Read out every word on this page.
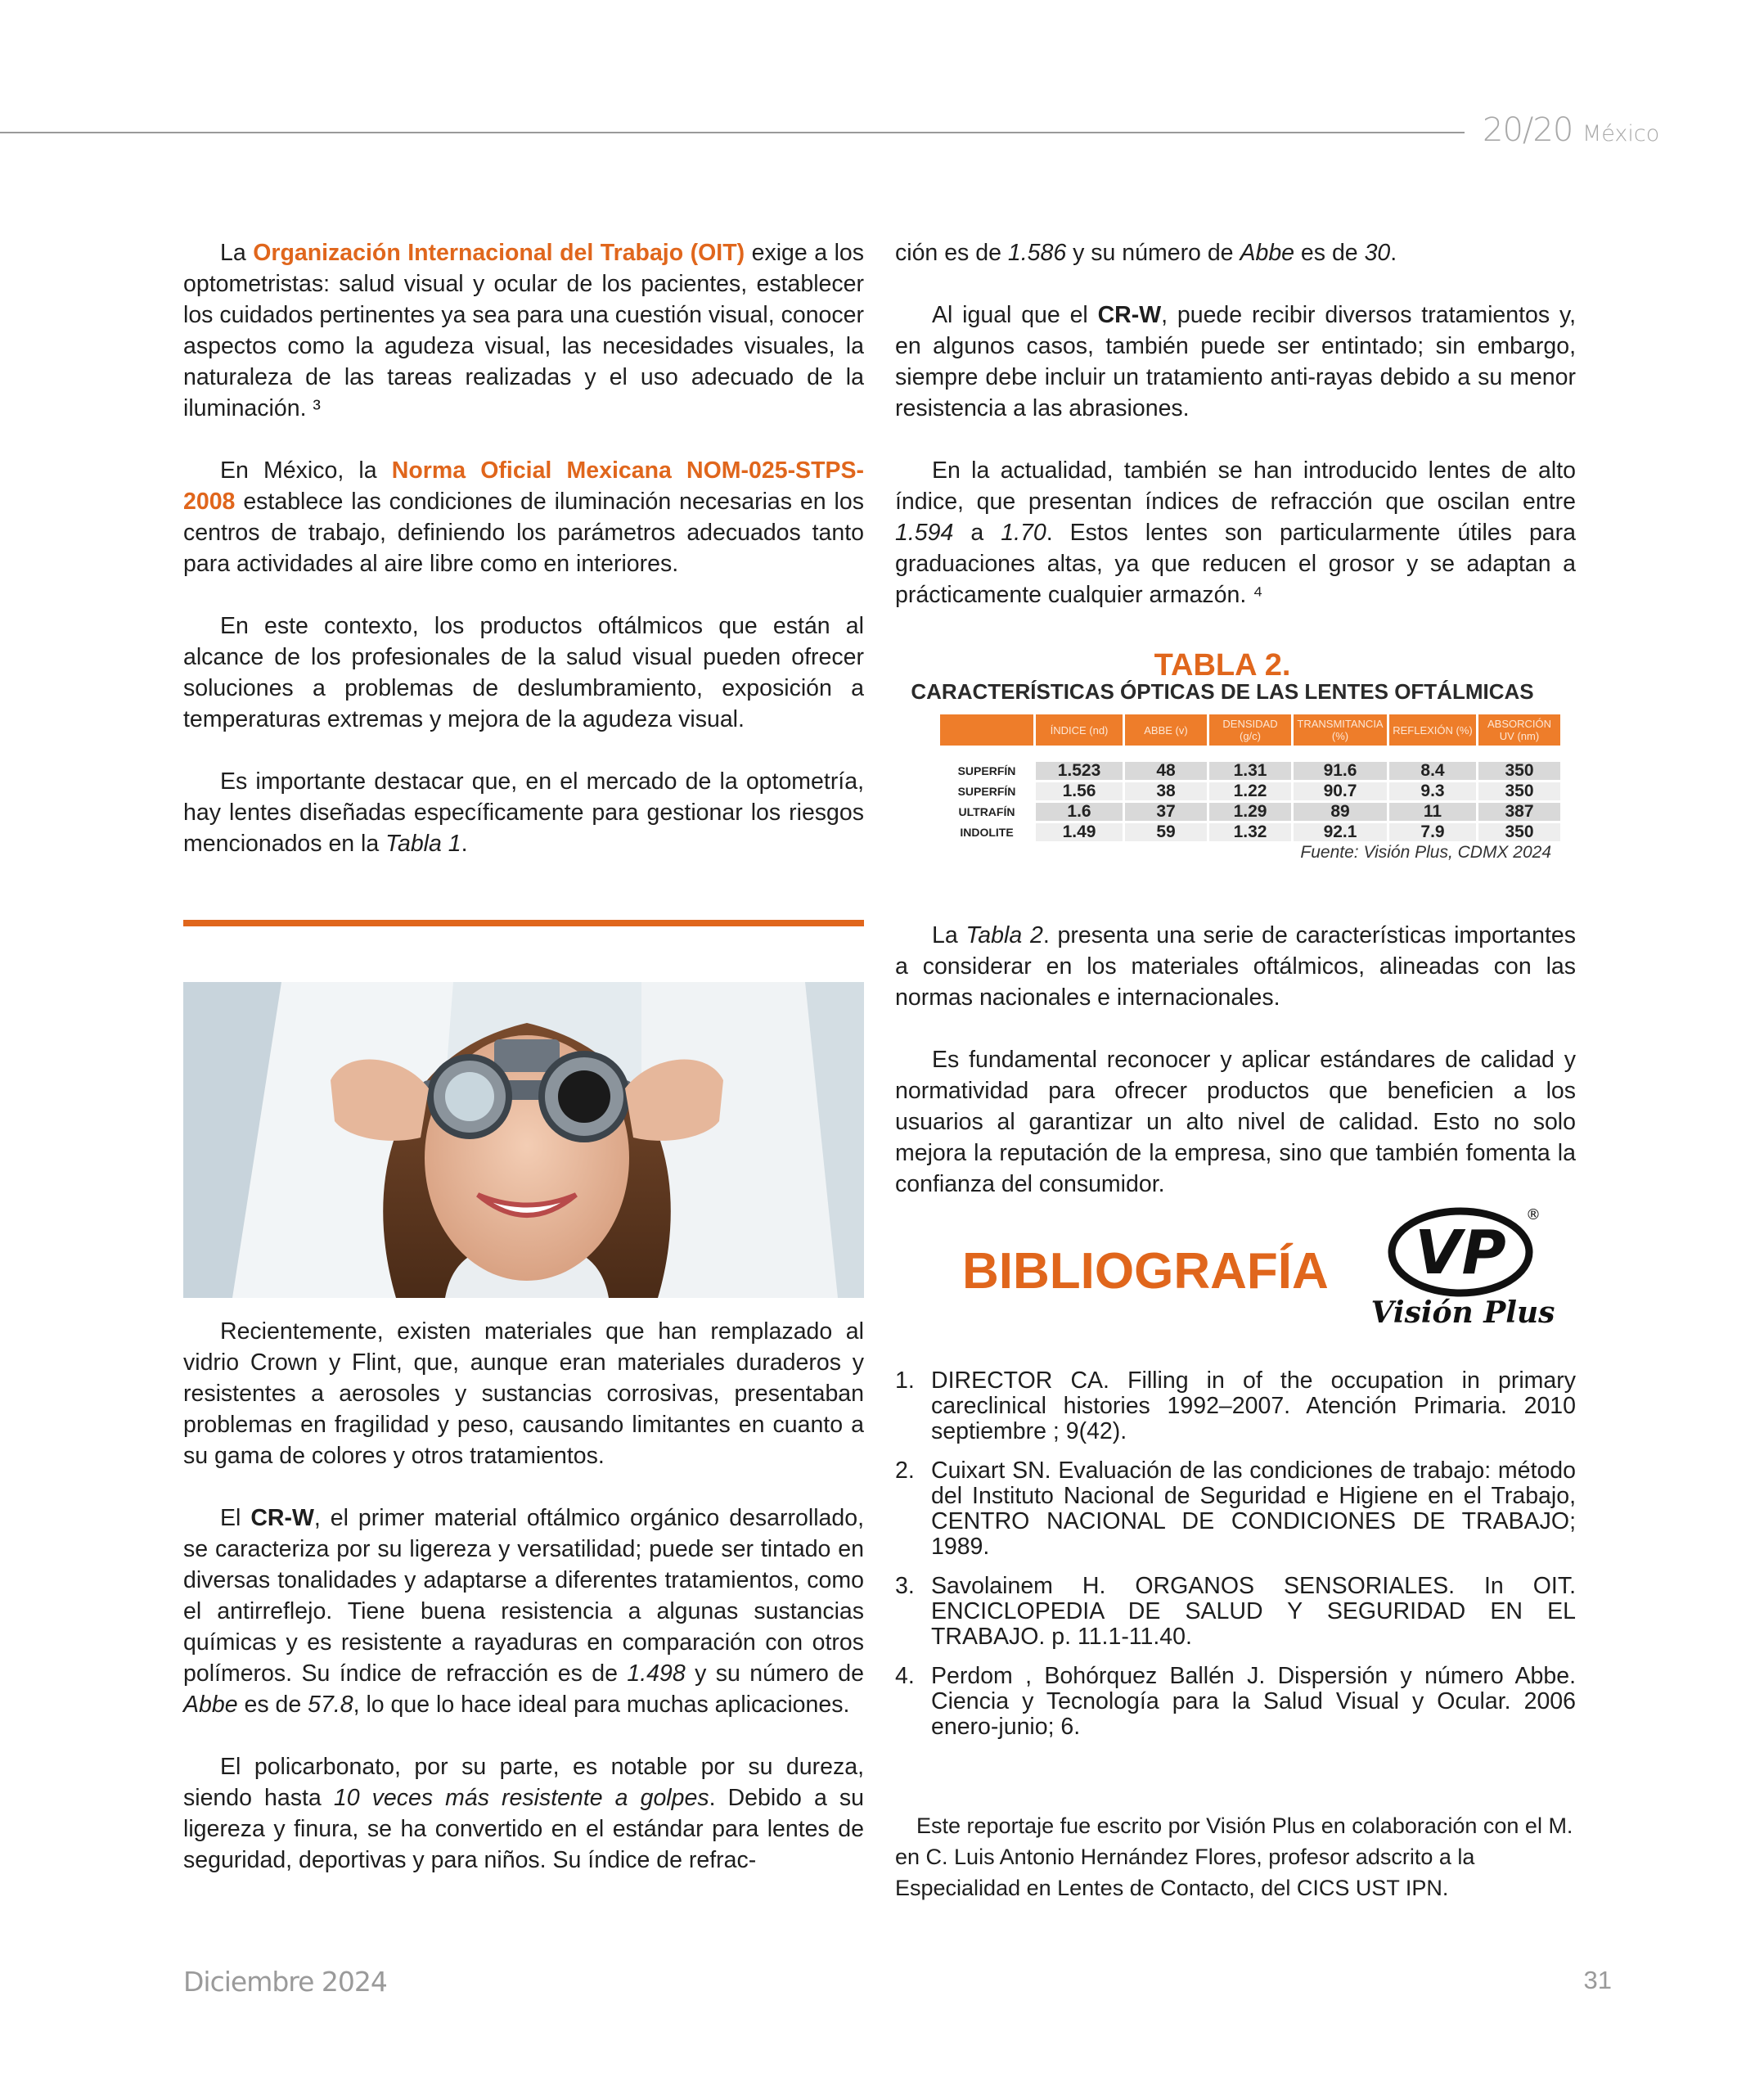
20/20 México

La Organización Internacional del Trabajo (OIT) exige a los optometristas: salud visual y ocular de los pacientes, establecer los cuidados pertinentes ya sea para una cuestión visual, conocer aspectos como la agudeza visual, las necesidades visuales, la naturaleza de las tareas realizadas y el uso adecuado de la iluminación. ³

En México, la Norma Oficial Mexicana NOM-025-STPS-2008 establece las condiciones de iluminación necesarias en los centros de trabajo, definiendo los parámetros adecuados tanto para actividades al aire libre como en interiores.

En este contexto, los productos oftálmicos que están al alcance de los profesionales de la salud visual pueden ofrecer soluciones a problemas de deslumbramiento, exposición a temperaturas extremas y mejora de la agudeza visual.

Es importante destacar que, en el mercado de la optometría, hay lentes diseñadas específicamente para gestionar los riesgos mencionados en la Tabla 1.

Recientemente, existen materiales que han remplazado al vidrio Crown y Flint, que, aunque eran materiales duraderos y resistentes a aerosoles y sustancias corrosivas, presentaban problemas en fragilidad y peso, causando limitantes en cuanto a su gama de colores y otros tratamientos.

El CR-W, el primer material oftálmico orgánico desarrollado, se caracteriza por su ligereza y versatilidad; puede ser tintado en diversas tonalidades y adaptarse a diferentes tratamientos, como el antirreflejo. Tiene buena resistencia a algunas sustancias químicas y es resistente a rayaduras en comparación con otros polímeros. Su índice de refracción es de 1.498 y su número de Abbe es de 57.8, lo que lo hace ideal para muchas aplicaciones.

El policarbonato, por su parte, es notable por su dureza, siendo hasta 10 veces más resistente a golpes. Debido a su ligereza y finura, se ha convertido en el estándar para lentes de seguridad, deportivas y para niños. Su índice de refrac-

ción es de 1.586 y su número de Abbe es de 30.

Al igual que el CR-W, puede recibir diversos tratamientos y, en algunos casos, también puede ser entintado; sin embargo, siempre debe incluir un tratamiento anti-rayas debido a su menor resistencia a las abrasiones.

En la actualidad, también se han introducido lentes de alto índice, que presentan índices de refracción que oscilan entre 1.594 a 1.70. Estos lentes son particularmente útiles para graduaciones altas, ya que reducen el grosor y se adaptan a prácticamente cualquier armazón. ⁴

TABLA 2.
CARACTERÍSTICAS ÓPTICAS DE LAS LENTES OFTÁLMICAS
	ÍNDICE (nd)	ABBE (v)	DENSIDAD (g/c)	TRANSMITANCIA (%)	REFLEXIÓN (%)	ABSORCIÓN UV (nm)

SUPERFÍN	1.523	48	1.31	91.6	8.4	350
SUPERFÍN	1.56	38	1.22	90.7	9.3	350
ULTRAFÍN	1.6	37	1.29	89	11	387
INDOLITE	1.49	59	1.32	92.1	7.9	350
Fuente: Visión Plus, CDMX 2024

La Tabla 2. presenta una serie de características importantes a considerar en los materiales oftálmicos, alineadas con las normas nacionales e internacionales.

Es fundamental reconocer y aplicar estándares de calidad y normatividad para ofrecer productos que beneficien a los usuarios al garantizar un alto nivel de calidad. Esto no solo mejora la reputación de la empresa, sino que también fomenta la confianza del consumidor.

BIBLIOGRAFÍA VP
®
Visión Plus
1. DIRECTOR CA. Filling in of the occupation in primary careclinical histories 1992–2007. Atención Primaria. 2010 septiembre ; 9(42).
2. Cuixart SN. Evaluación de las condiciones de trabajo: método del Instituto Nacional de Seguridad e Higiene en el Trabajo, CENTRO NACIONAL DE CONDICIONES DE TRABAJO; 1989.
3. Savolainem H. ORGANOS SENSORIALES. In OIT. ENCICLOPEDIA DE SALUD Y SEGURIDAD EN EL TRABAJO. p. 11.1-11.40.
4. Perdom , Bohórquez Ballén J. Dispersión y número Abbe. Ciencia y Tecnología para la Salud Visual y Ocular. 2006 enero-junio; 6.

Este reportaje fue escrito por Visión Plus en colaboración con el M. en C. Luis Antonio Hernández Flores, profesor adscrito a la Especialidad en Lentes de Contacto, del CICS UST IPN.

Diciembre 2024	31
